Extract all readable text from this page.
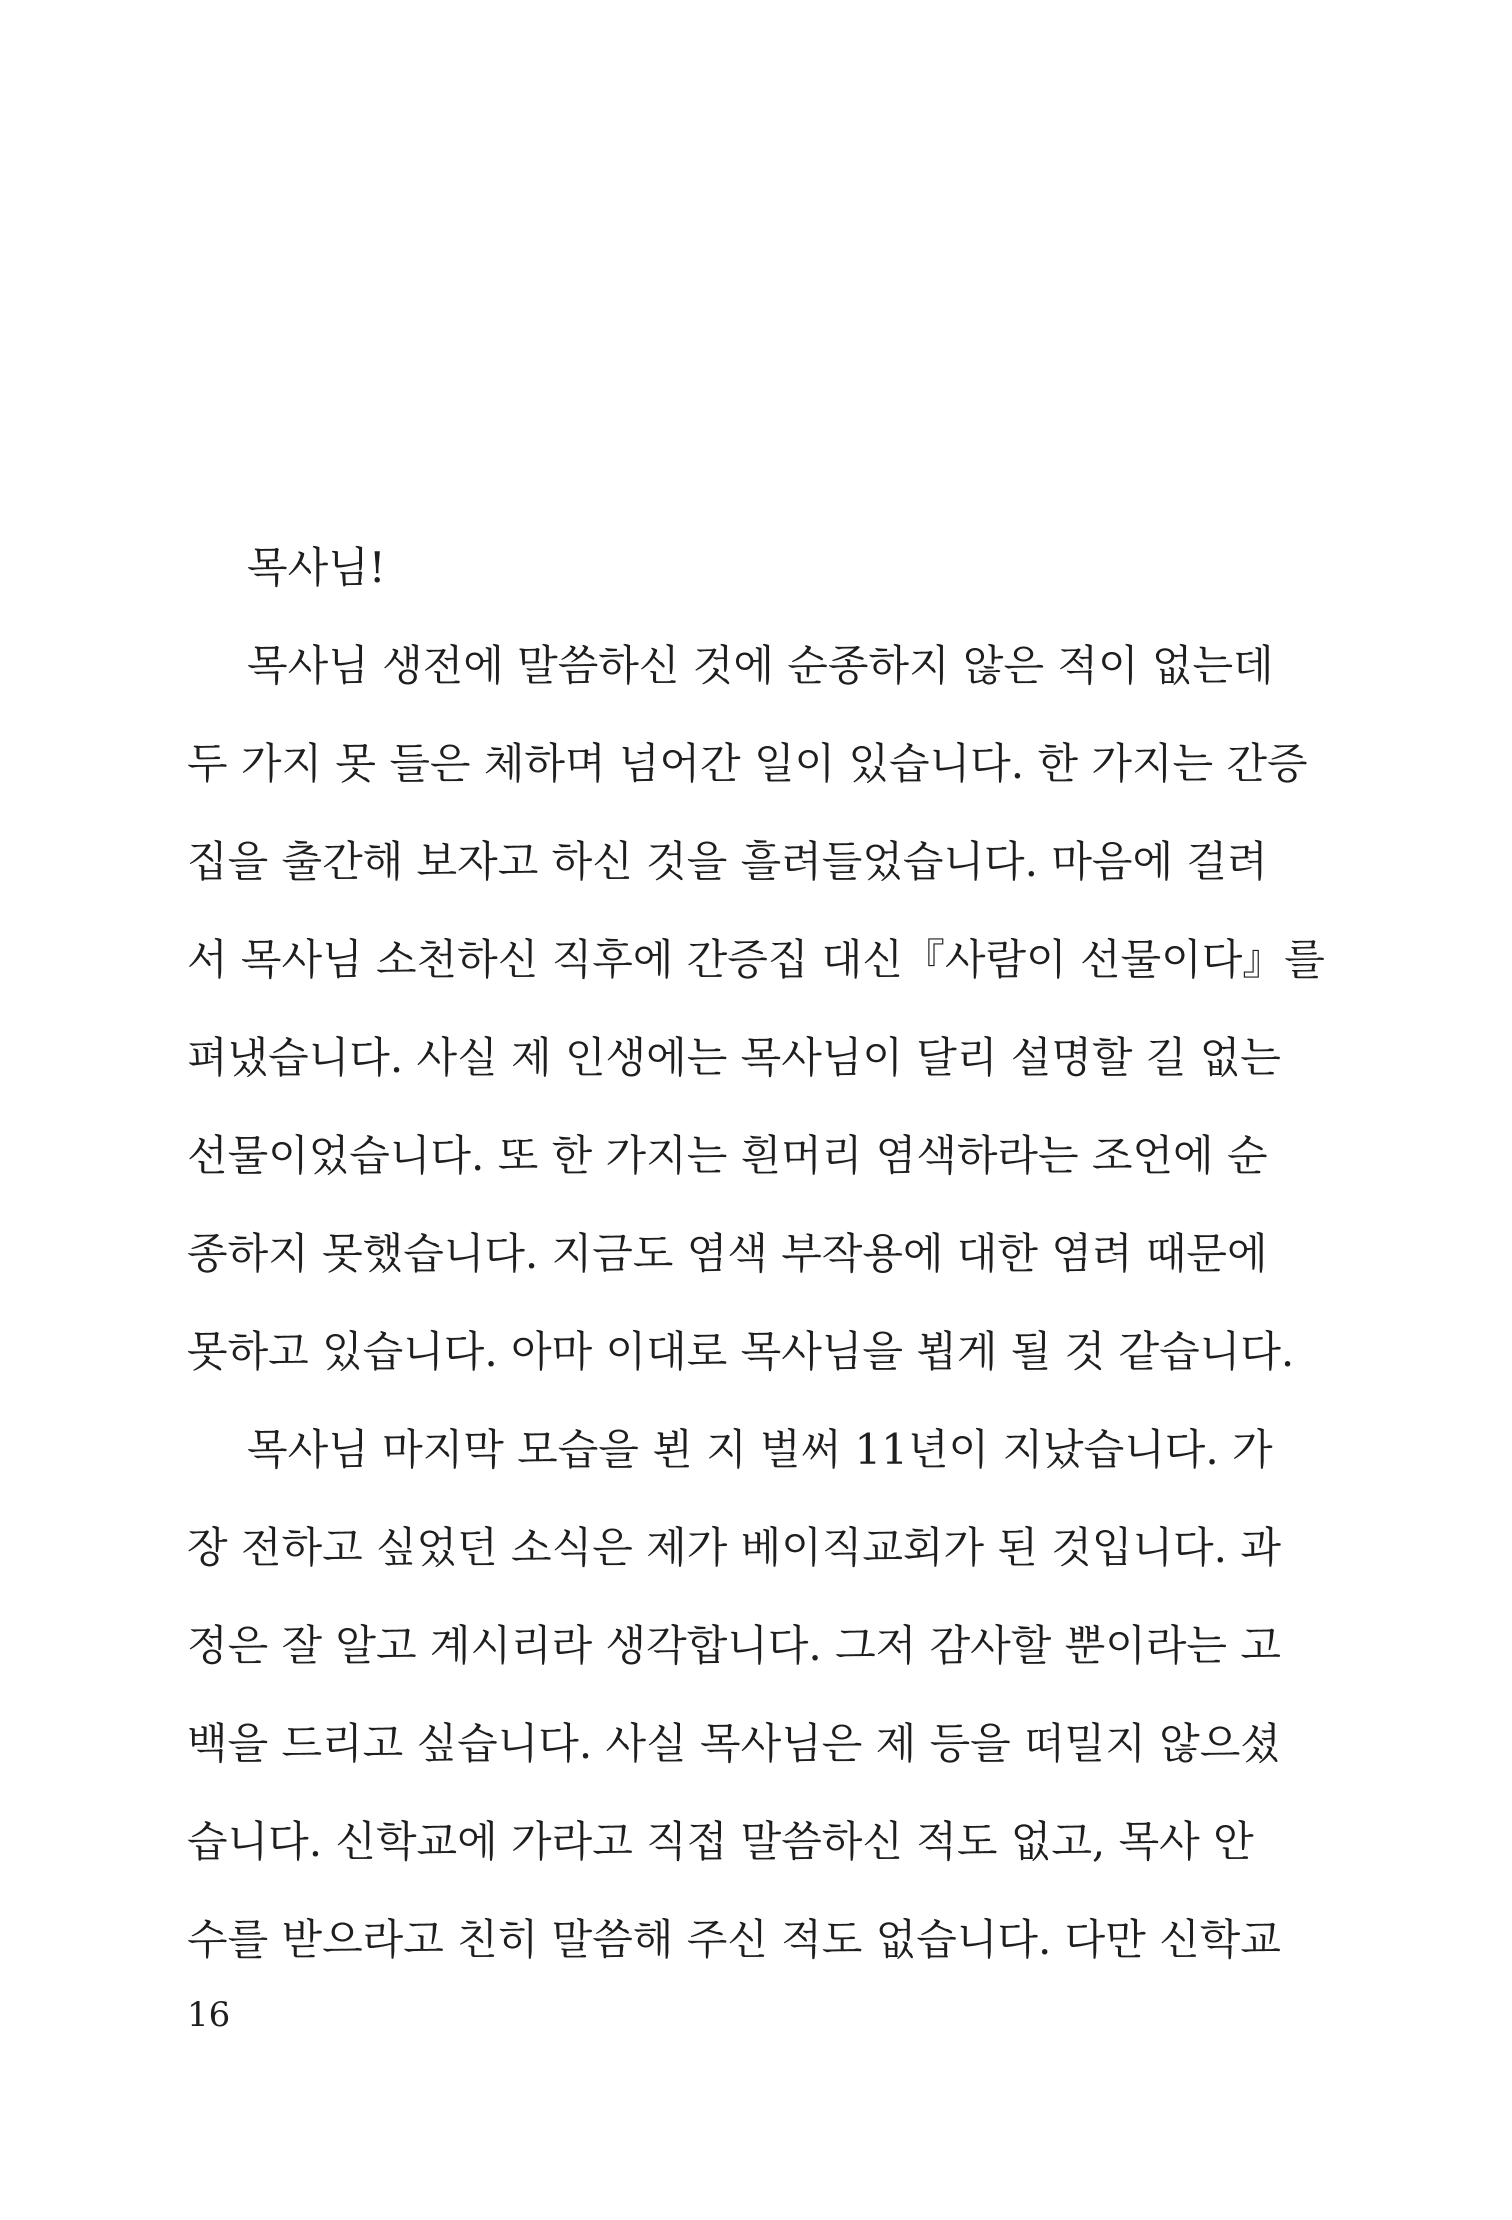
목사님!
목사님 생전에 말씀하신 것에 순종하지 않은 적이 없는데
두 가지 못 들은 체하며 넘어간 일이 있습니다. 한 가지는 간증
집을 출간해 보자고 하신 것을 흘려들었습니다. 마음에 걸려
서 목사님 소천하신 직후에 간증집 대신『사람이 선물이다』를
펴냈습니다. 사실 제 인생에는 목사님이 달리 설명할 길 없는
선물이었습니다. 또 한 가지는 흰머리 염색하라는 조언에 순
종하지 못했습니다. 지금도 염색 부작용에 대한 염려 때문에
못하고 있습니다. 아마 이대로 목사님을 뵙게 될 것 같습니다.
목사님 마지막 모습을 뵌 지 벌써 11년이 지났습니다. 가
장 전하고 싶었던 소식은 제가 베이직교회가 된 것입니다. 과
정은 잘 알고 계시리라 생각합니다. 그저 감사할 뿐이라는 고
백을 드리고 싶습니다. 사실 목사님은 제 등을 떠밀지 않으셨
습니다. 신학교에 가라고 직접 말씀하신 적도 없고, 목사 안
수를 받으라고 친히 말씀해 주신 적도 없습니다. 다만 신학교
16
